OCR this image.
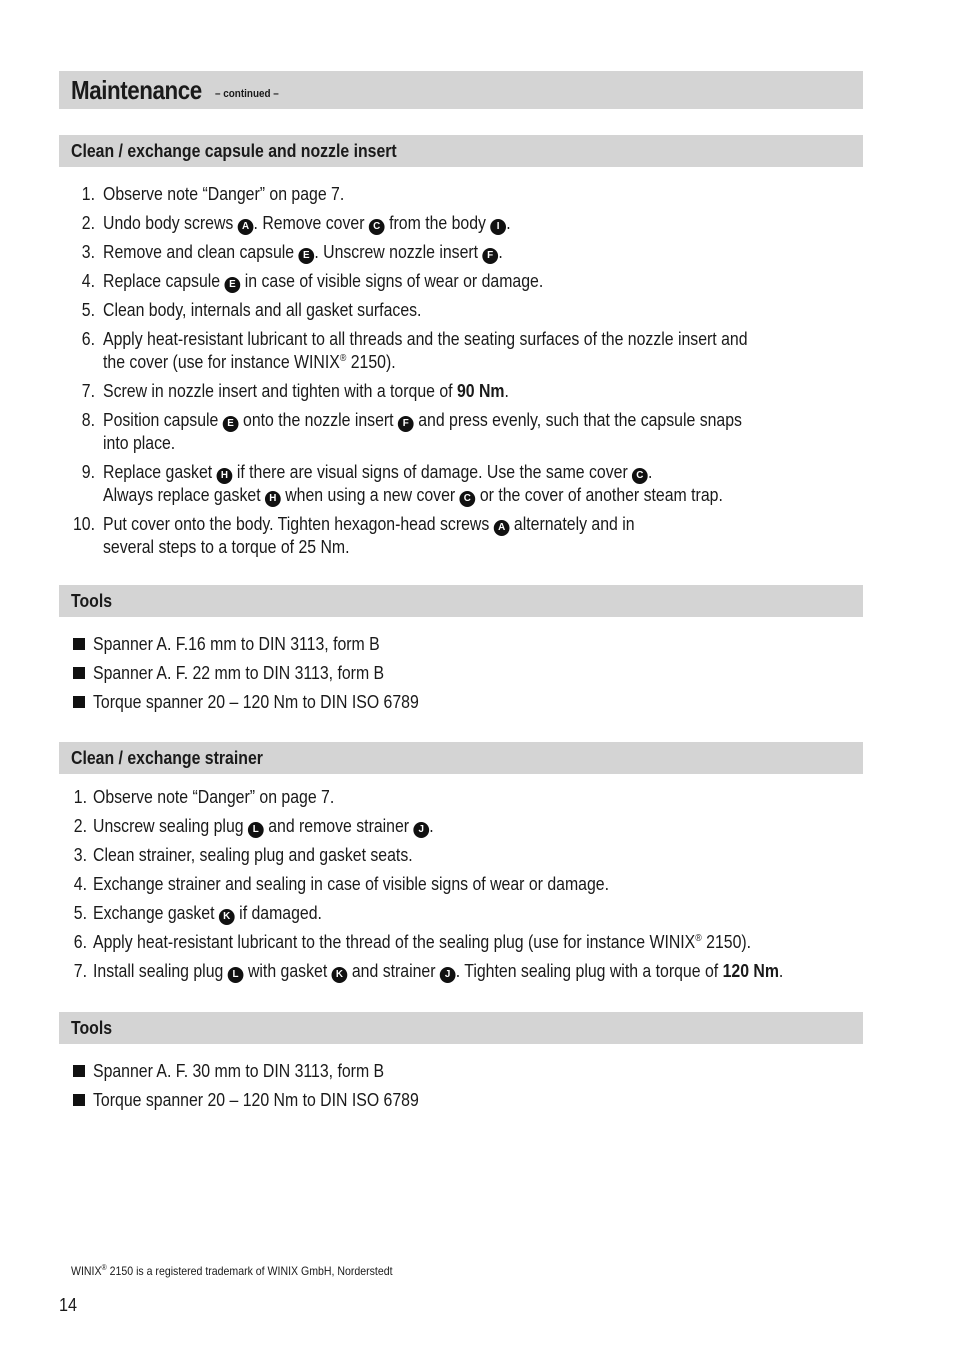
Maintenance – continued –
Clean / exchange capsule and nozzle insert
1. Observe note “Danger” on page 7.
2. Undo body screws A . Remove cover C from the body I .
3. Remove and clean capsule E . Unscrew nozzle insert F .
4. Replace capsule E in case of visible signs of wear or damage.
5. Clean body, internals and all gasket surfaces.
6. Apply heat-resistant lubricant to all threads and the seating surfaces of the nozzle insert and
the cover (use for instance WINIX® 2150).
7. Screw in nozzle insert and tighten with a torque of 90 Nm.
8. Position capsule E onto the nozzle insert F and press evenly, such that the capsule snaps
into place.
9. Replace gasket H if there are visual signs of damage. Use the same cover C .
Always replace gasket H when using a new cover C or the cover of another steam trap.
10. Put cover onto the body. Tighten hexagon-head screws A alternately and in
several steps to a torque of 25 Nm.
Tools
Spanner A. F.16 mm to DIN 3113, form B
Spanner A. F. 22 mm to DIN 3113, form B
Torque spanner 20 – 120 Nm to DIN ISO 6789
Clean / exchange strainer
1. Observe note “Danger” on page 7.
2. Unscrew sealing plug L and remove strainer J .
3. Clean strainer, sealing plug and gasket seats.
4. Exchange strainer and sealing in case of visible signs of wear or damage.
5. Exchange gasket K if damaged.
6. Apply heat-resistant lubricant to the thread of the sealing plug (use for instance WINIX® 2150).
7. Install sealing plug L with gasket K and strainer J . Tighten sealing plug with a torque of 120 Nm.
Tools
Spanner A. F. 30 mm to DIN 3113, form B
Torque spanner 20 – 120 Nm to DIN ISO 6789
WINIX® 2150 is a registered trademark of WINIX GmbH, Norderstedt
14
